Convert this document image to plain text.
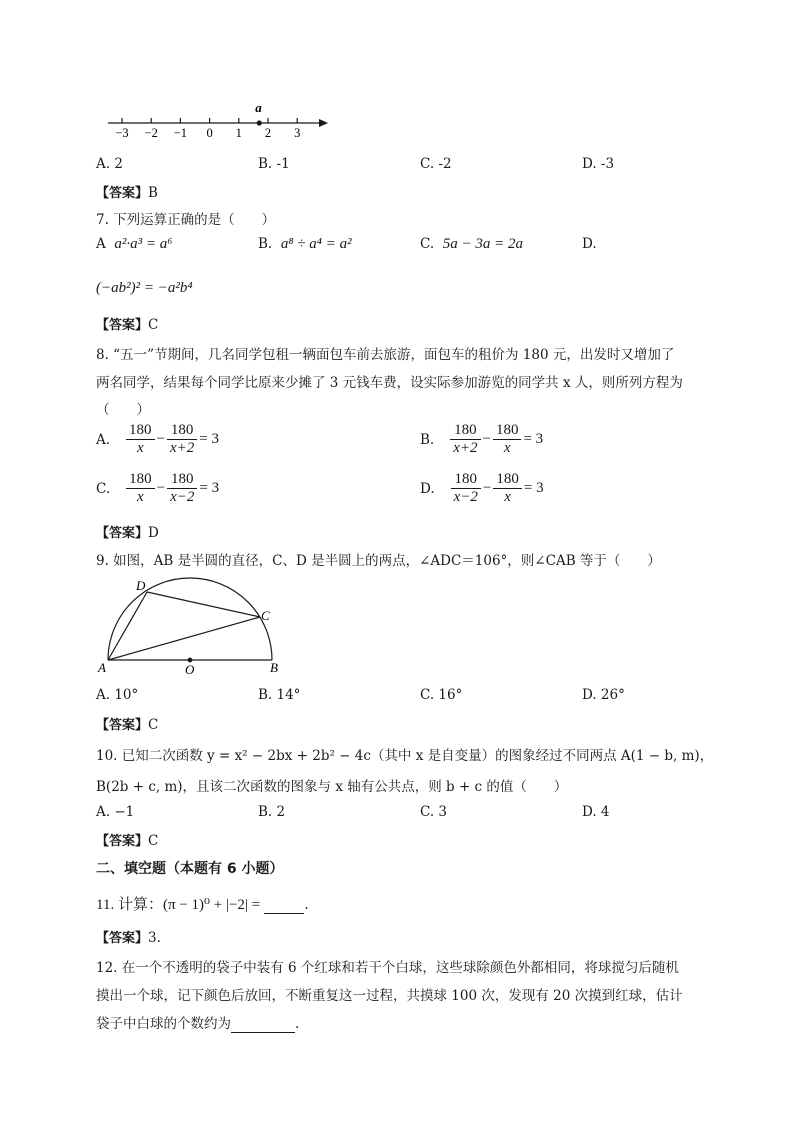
−3 −2 −1 0 1 2 3
a
A. 2	B. -1	C. -2	D. -3
【答案】B
7. 下列运算正确的是（　　）
A a²·a³ = a⁶	B. a⁸ ÷ a⁴ = a²	C. 5a − 3a = 2a	D.
(−ab²)² = −a²b⁴
【答案】C
8. “五一”节期间，几名同学包租一辆面包车前去旅游，面包车的租价为 180 元，出发时又增加了
两名同学，结果每个同学比原来少摊了 3 元钱车费，设实际参加游览的同学共 x 人，则所列方程为
（　　）
A. $\frac{180}{x} - \frac{180}{x+2} = 3$	B. $\frac{180}{x+2} - \frac{180}{x} = 3$
C. $\frac{180}{x} - \frac{180}{x-2} = 3$	D. $\frac{180}{x-2} - \frac{180}{x} = 3$
【答案】D
9. 如图，AB 是半圆的直径，C、D 是半圆上的两点，∠ADC＝106°，则∠CAB 等于（　　）
A	B
C
D
O
A. 10°	B. 14°	C. 16°	D. 26°
【答案】C
10. 已知二次函数 y = x² − 2bx + 2b² − 4c（其中 x 是自变量）的图象经过不同两点 A(1 − b, m)，
B(2b + c, m)，且该二次函数的图象与 x 轴有公共点，则 b + c 的值（　　）
A. −1	B. 2	C. 3	D. 4
【答案】C
二、填空题（本题有 6 小题）
11. 计算：(π − 1)⁰ + |−2| =	.
【答案】3.
12. 在一个不透明的袋子中装有 6 个红球和若干个白球，这些球除颜色外都相同，将球搅匀后随机
摸出一个球，记下颜色后放回，不断重复这一过程，共摸球 100 次，发现有 20 次摸到红球，估计
袋子中白球的个数约为	.
